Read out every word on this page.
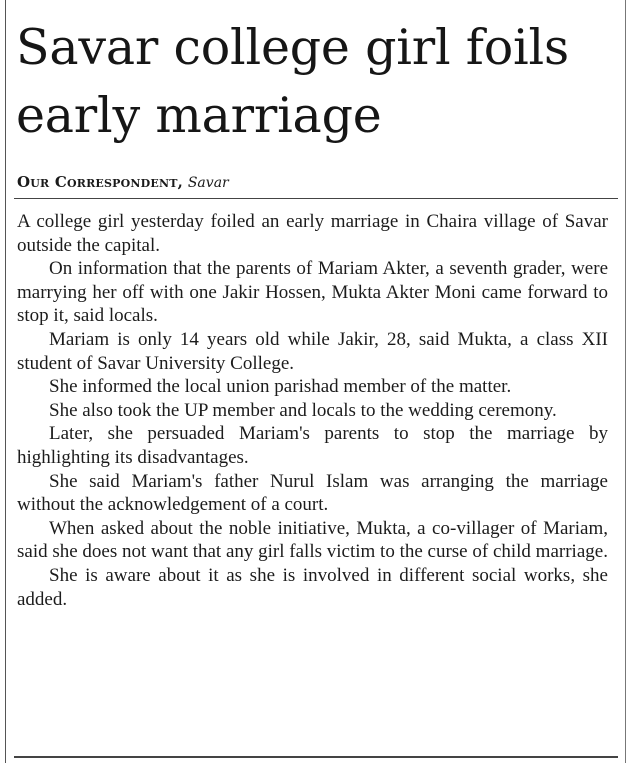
Savar college girl foils early marriage
Our Correspondent, Savar

A college girl yesterday foiled an early marriage in Chaira village of Savar outside the capital.

On information that the parents of Mariam Akter, a seventh grader, were marrying her off with one Jakir Hossen, Mukta Akter Moni came forward to stop it, said locals.

Mariam is only 14 years old while Jakir, 28, said Mukta, a class XII student of Savar University College.

She informed the local union parishad member of the matter.

She also took the UP member and locals to the wedding ceremony.

Later, she persuaded Mariam's parents to stop the marriage by highlighting its disadvantages.

She said Mariam's father Nurul Islam was arranging the marriage without the acknowledgement of a court.

When asked about the noble initiative, Mukta, a co-villager of Mariam, said she does not want that any girl falls victim to the curse of child marriage.

She is aware about it as she is involved in different social works, she added.
